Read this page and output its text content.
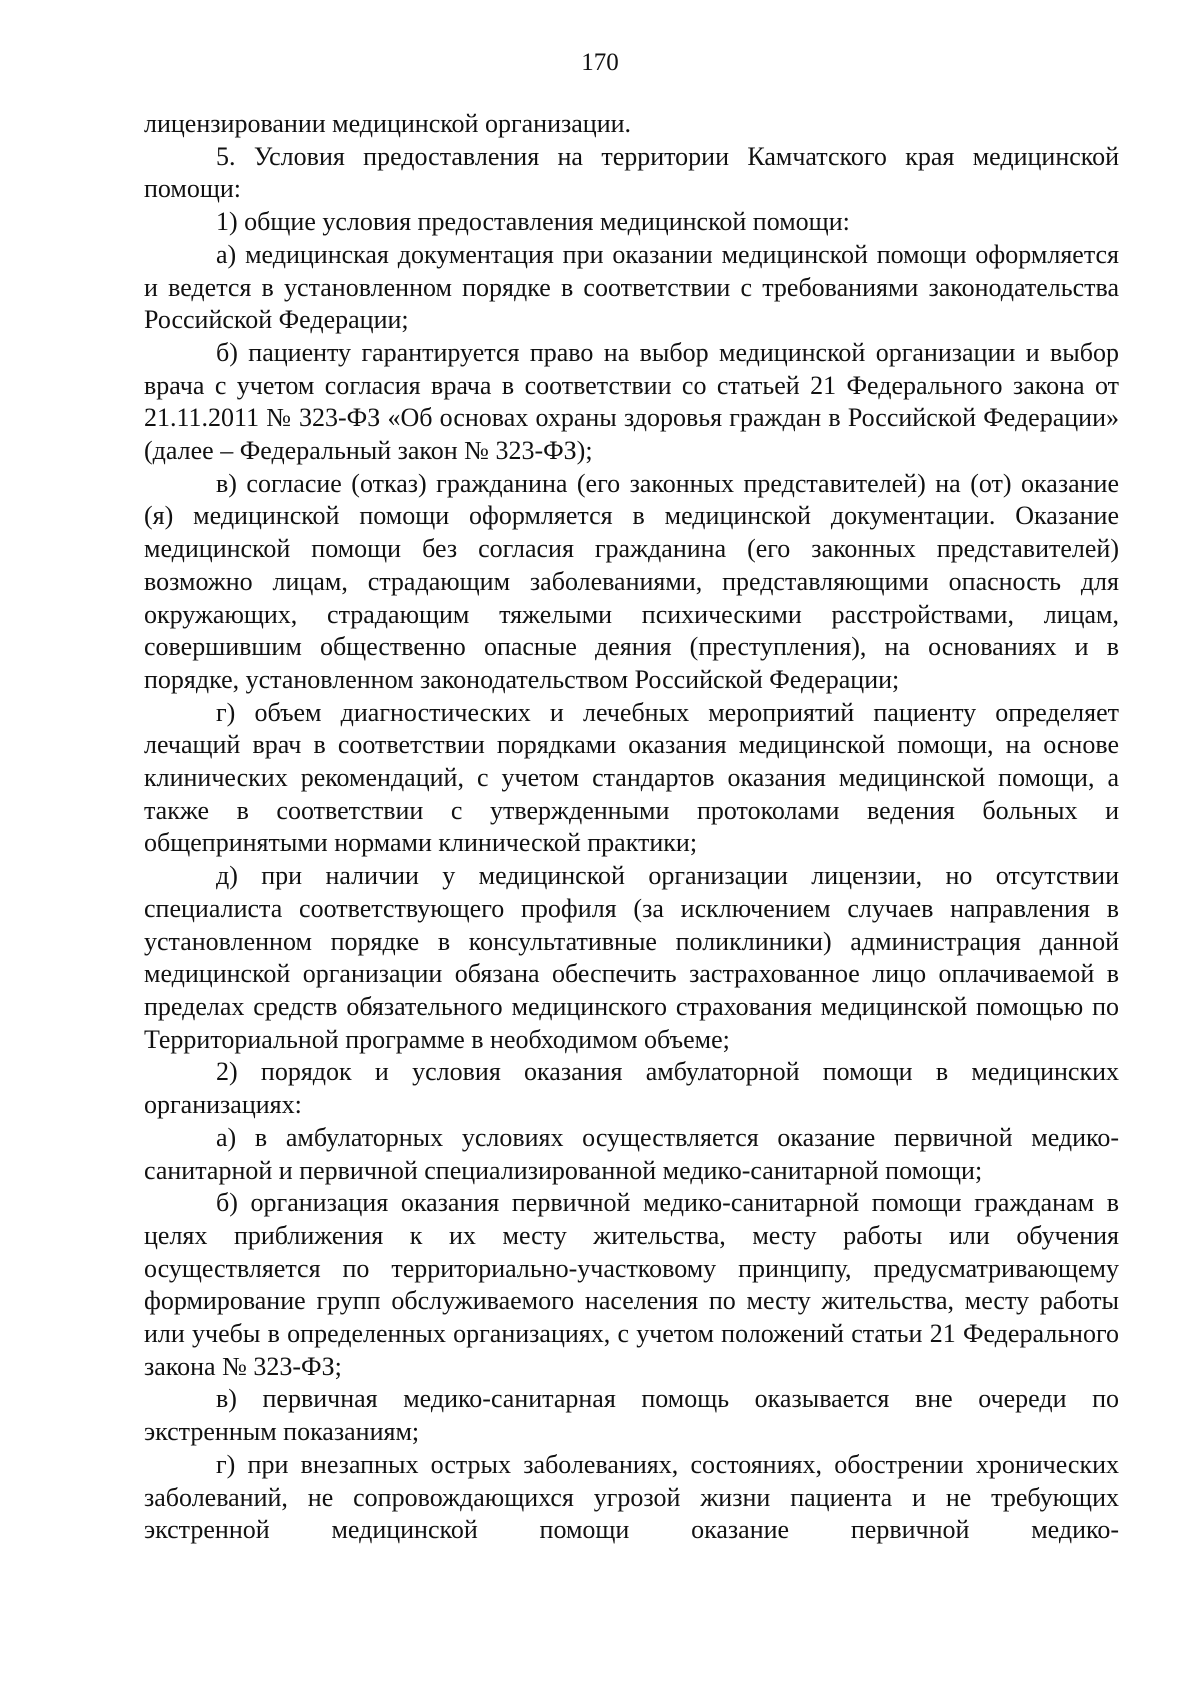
170

лицензировании медицинской организации.

5. Условия предоставления на территории Камчатского края медицинской помощи:

1) общие условия предоставления медицинской помощи:

а) медицинская документация при оказании медицинской помощи оформляется и ведется в установленном порядке в соответствии с требованиями законодательства Российской Федерации;

б) пациенту гарантируется право на выбор медицинской организации и выбор врача с учетом согласия врача в соответствии со статьей 21 Федерального закона от 21.11.2011 № 323-ФЗ «Об основах охраны здоровья граждан в Российской Федерации» (далее – Федеральный закон № 323-ФЗ);

в) согласие (отказ) гражданина (его законных представителей) на (от) оказание (я) медицинской помощи оформляется в медицинской документации. Оказание медицинской помощи без согласия гражданина (его законных представителей) возможно лицам, страдающим заболеваниями, представляющими опасность для окружающих, страдающим тяжелыми психическими расстройствами, лицам, совершившим общественно опасные деяния (преступления), на основаниях и в порядке, установленном законодательством Российской Федерации;

г) объем диагностических и лечебных мероприятий пациенту определяет лечащий врач в соответствии порядками оказания медицинской помощи, на основе клинических рекомендаций, с учетом стандартов оказания медицинской помощи, а также в соответствии с утвержденными протоколами ведения больных и общепринятыми нормами клинической практики;

д) при наличии у медицинской организации лицензии, но отсутствии специалиста соответствующего профиля (за исключением случаев направления в установленном порядке в консультативные поликлиники) администрация данной медицинской организации обязана обеспечить застрахованное лицо оплачиваемой в пределах средств обязательного медицинского страхования медицинской помощью по Территориальной программе в необходимом объеме;

2) порядок и условия оказания амбулаторной помощи в медицинских организациях:

а) в амбулаторных условиях осуществляется оказание первичной медико-санитарной и первичной специализированной медико-санитарной помощи;

б) организация оказания первичной медико-санитарной помощи гражданам в целях приближения к их месту жительства, месту работы или обучения осуществляется по территориально-участковому принципу, предусматривающему формирование групп обслуживаемого населения по месту жительства, месту работы или учебы в определенных организациях, с учетом положений статьи 21 Федерального закона № 323-ФЗ;

в) первичная медико-санитарная помощь оказывается вне очереди по экстренным показаниям;

г) при внезапных острых заболеваниях, состояниях, обострении хронических заболеваний, не сопровождающихся угрозой жизни пациента и не требующих экстренной медицинской помощи оказание первичной медико-
